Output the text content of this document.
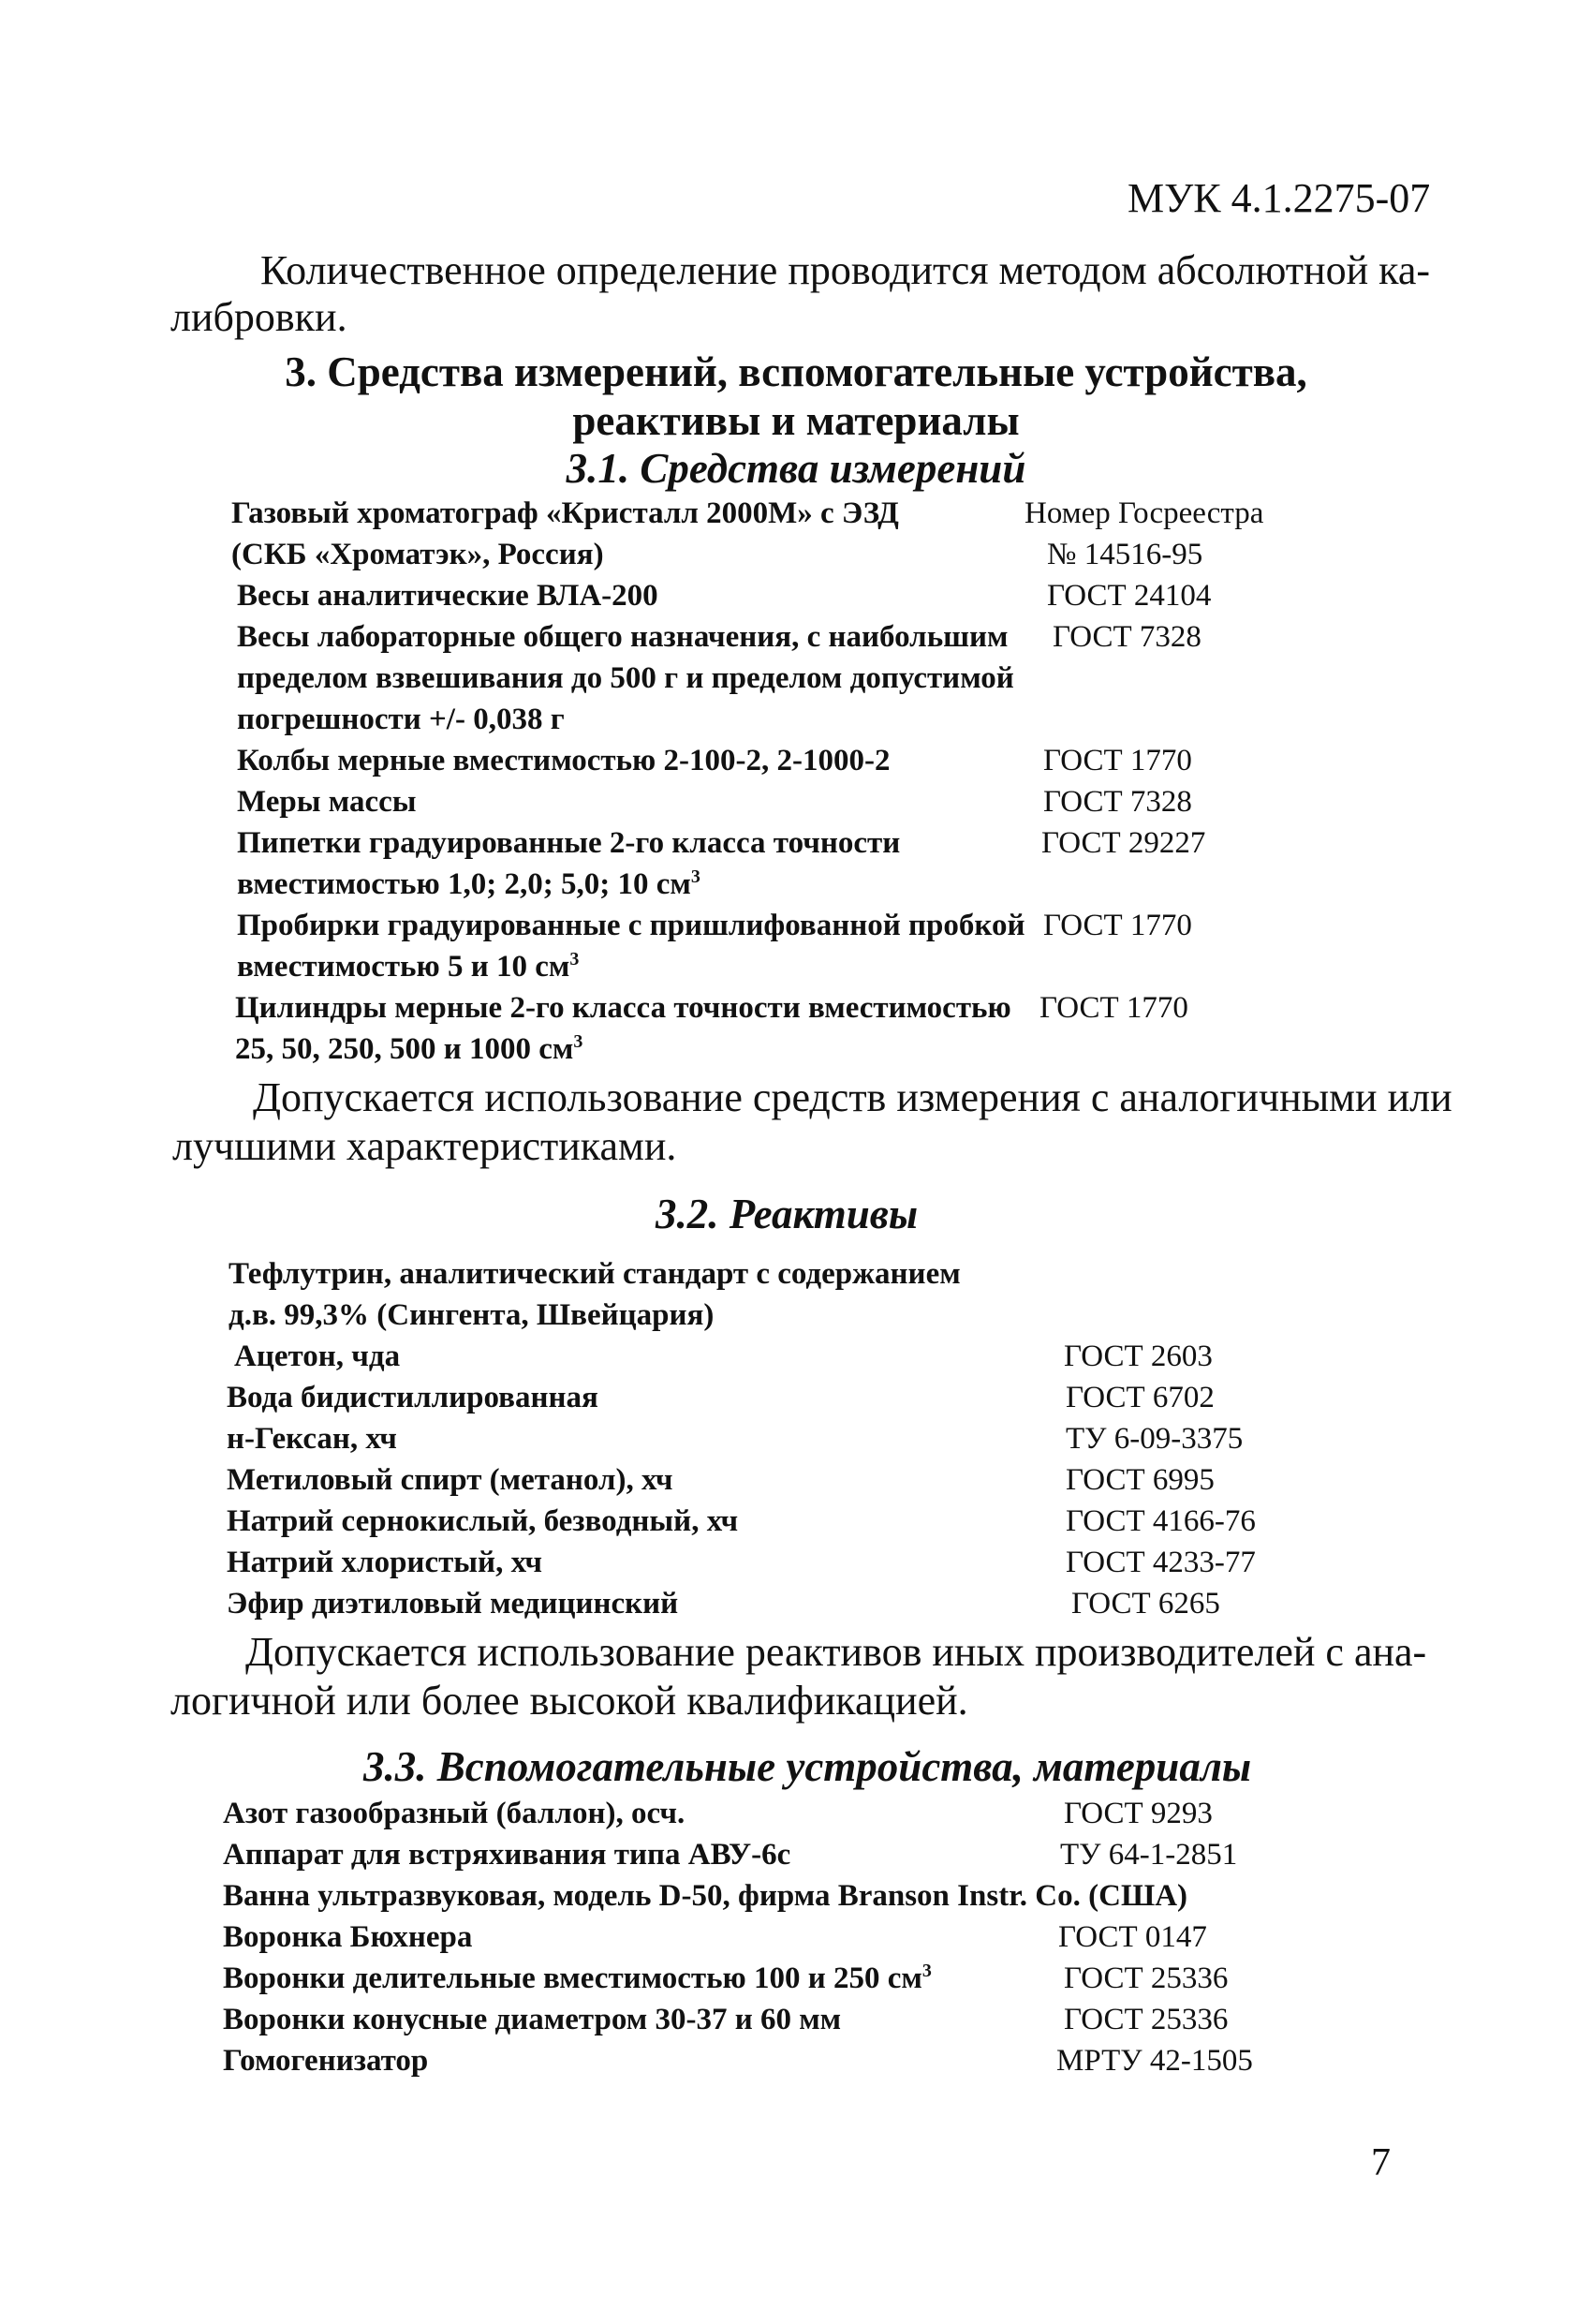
МУК 4.1.2275-07
Количественное определение проводится методом абсолютной ка-
либровки.
3. Средства измерений, вспомогательные устройства,
реактивы и материалы
3.1. Средства измерений
Газовый хроматограф «Кристалл 2000М» с ЭЗД	Номер Госреестра
(СКБ «Хроматэк», Россия)	№ 14516-95
Весы аналитические ВЛА-200	ГОСТ 24104
Весы лабораторные общего назначения, с наибольшим ГОСТ 7328
пределом взвешивания до 500 г и пределом допустимой
погрешности +/- 0,038 г
Колбы мерные вместимостью 2-100-2, 2-1000-2	ГОСТ 1770
Меры массы	ГОСТ 7328
Пипетки градуированные 2-го класса точности	ГОСТ 29227
вместимостью 1,0; 2,0; 5,0; 10 $см^3$
Пробирки градуированные с пришлифованной пробкой ГОСТ 1770
вместимостью 5 и 10 $см^3$
Цилиндры мерные 2-го класса точности вместимостью ГОСТ 1770
25, 50, 250, 500 и 1000 $см^3$
Допускается использование средств измерения с аналогичными или
лучшими характеристиками.
3.2. Реактивы
Тефлутрин, аналитический стандарт с содержанием
д.в. 99,3% (Сингента, Швейцария)
Ацетон, чда	ГОСТ 2603
Вода бидистиллированная	ГОСТ 6702
н-Гексан, хч	ТУ 6-09-3375
Метиловый спирт (метанол), хч	ГОСТ 6995
Натрий сернокислый, безводный, хч	ГОСТ 4166-76
Натрий хлористый, хч	ГОСТ 4233-77
Эфир диэтиловый медицинский	ГОСТ 6265
Допускается использование реактивов иных производителей с ана-
логичной или более высокой квалификацией.
3.3. Вспомогательные устройства, материалы
Азот газообразный (баллон), осч.	ГОСТ 9293
Аппарат для встряхивания типа АВУ-6с	ТУ 64-1-2851
Ванна ультразвуковая, модель D-50, фирма Branson Instr. Co. (США)
Воронка Бюхнера	ГОСТ 0147
Воронки делительные вместимостью 100 и 250 $см^3$	ГОСТ 25336
Воронки конусные диаметром 30-37 и 60 мм	ГОСТ 25336
Гомогенизатор	МРТУ 42-1505
7
